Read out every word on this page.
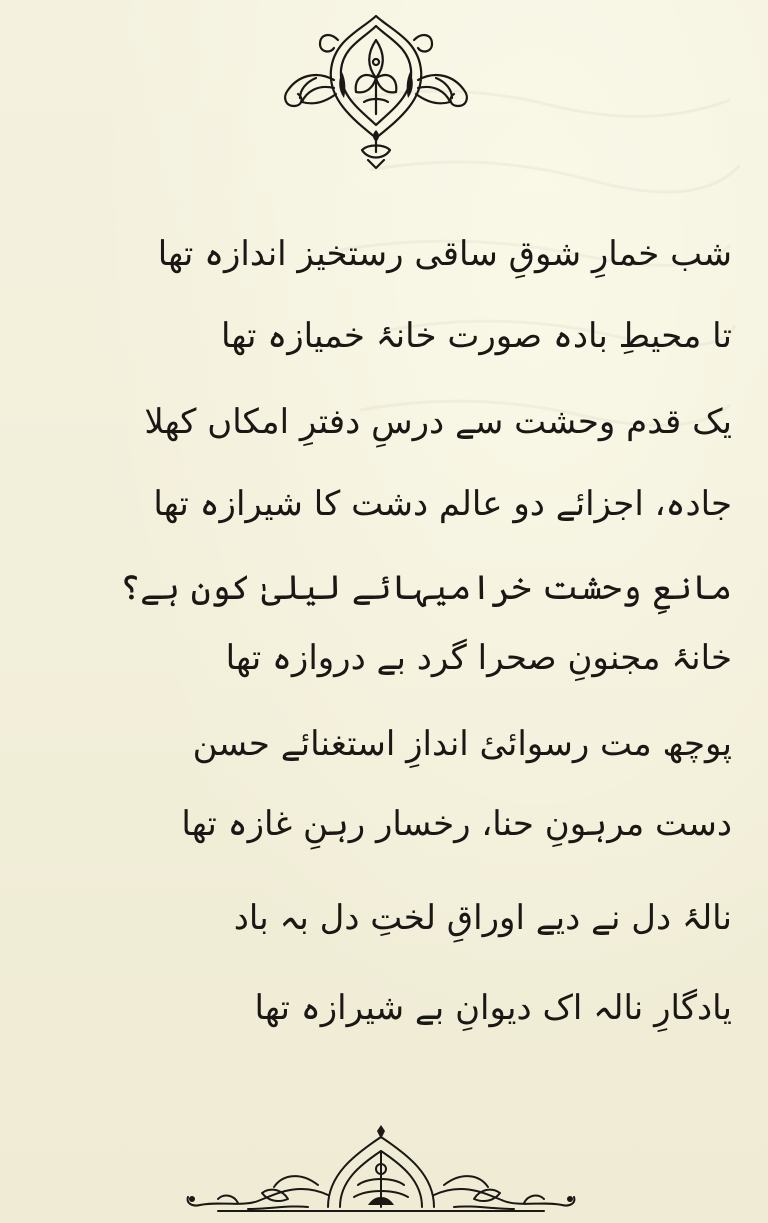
شب خمارِ شوقِ ساقی رستخیز اندازہ تھا
تا محیطِ بادہ صورت خانۂ خمیازہ تھا
یک قدم وحشت سے درسِ دفترِ امکاں کھلا
جادہ، اجزائے دو عالم دشت کا شیرازہ تھا
مانعِ وحشت خرامیہائے لیلیٰ کون ہے؟
خانۂ مجنونِ صحرا گرد بے دروازہ تھا
پوچھ مت رسوائیٔ اندازِ استغنائے حسن
دست مرہونِ حنا، رخسار رہنِ غازہ تھا
نالۂ دل نے دیے اوراقِ لختِ دل بہ باد
یادگارِ نالہ اک دیوانِ بے شیرازہ تھا
